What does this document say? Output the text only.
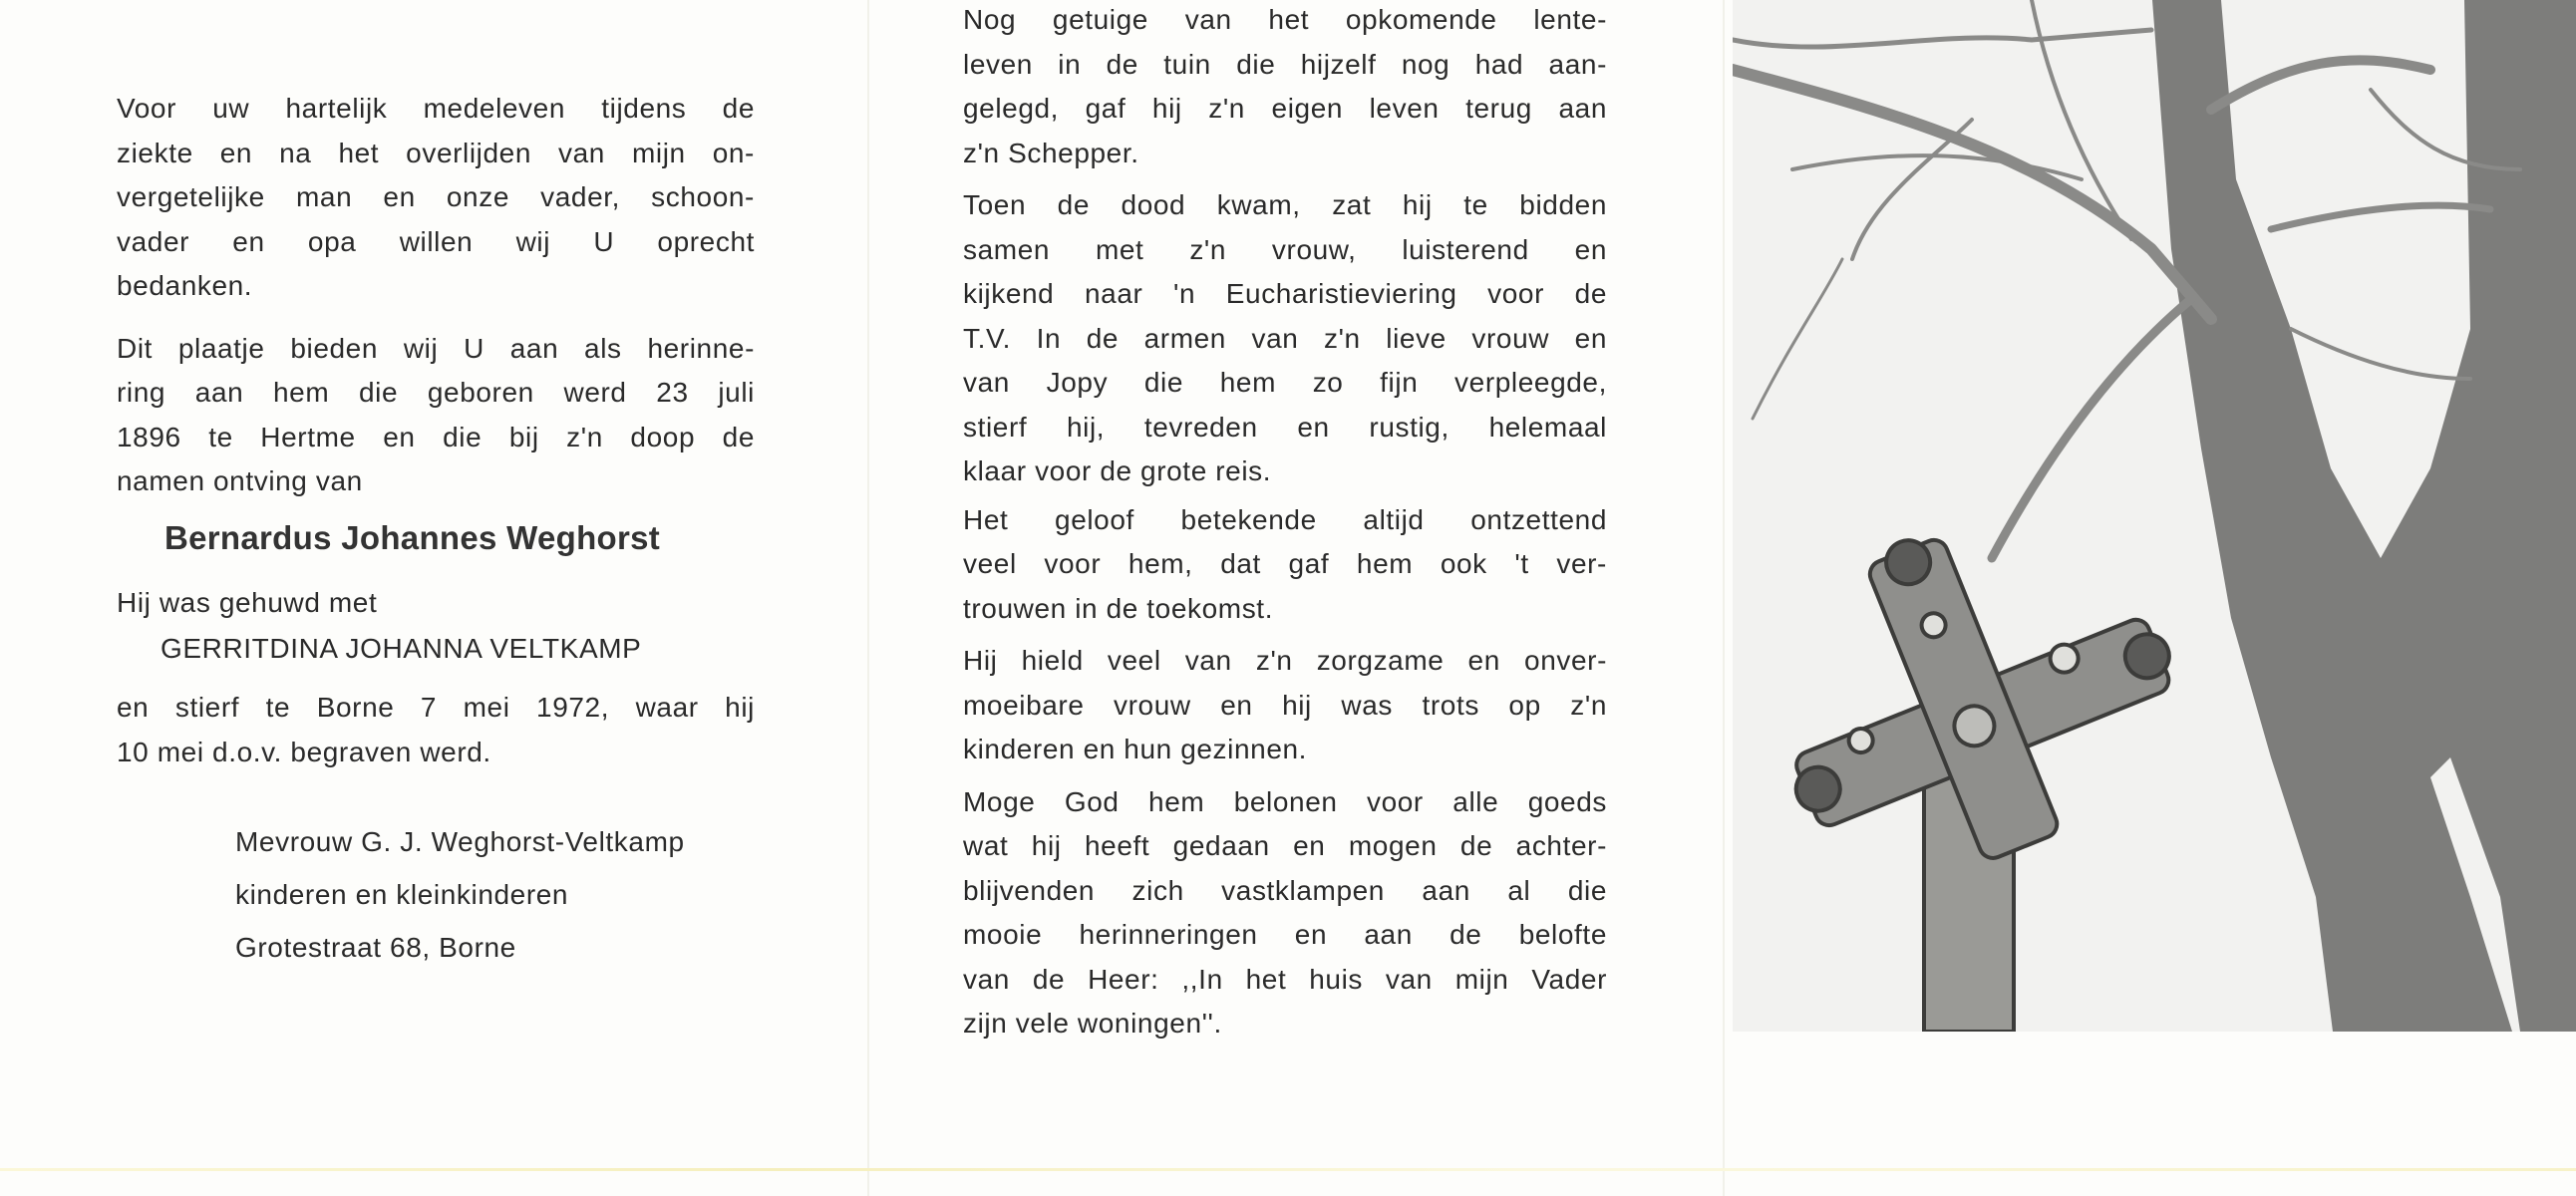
Voor uw hartelijk medeleven tijdens de
ziekte en na het overlijden van mijn on-
vergetelijke man en onze vader, schoon-
vader en opa willen wij U oprecht
bedanken.
Dit plaatje bieden wij U aan als herinne-
ring aan hem die geboren werd 23 juli
1896 te Hertme en die bij z'n doop de
namen ontving van
Bernardus Johannes Weghorst
Hij was gehuwd met
GERRITDINA JOHANNA VELTKAMP
en stierf te Borne 7 mei 1972, waar hij
10 mei d.o.v. begraven werd.
Mevrouw G. J. Weghorst-Veltkamp
kinderen en kleinkinderen
Grotestraat 68, Borne
Nog getuige van het opkomende lente-
leven in de tuin die hijzelf nog had aan-
gelegd, gaf hij z'n eigen leven terug aan
z'n Schepper.
Toen de dood kwam, zat hij te bidden
samen met z'n vrouw, luisterend en
kijkend naar 'n Eucharistieviering voor de
T.V. In de armen van z'n lieve vrouw en
van Jopy die hem zo fijn verpleegde,
stierf hij, tevreden en rustig, helemaal
klaar voor de grote reis.
Het geloof betekende altijd ontzettend
veel voor hem, dat gaf hem ook 't ver-
trouwen in de toekomst.
Hij hield veel van z'n zorgzame en onver-
moeibare vrouw en hij was trots op z'n
kinderen en hun gezinnen.
Moge God hem belonen voor alle goeds
wat hij heeft gedaan en mogen de achter-
blijvenden zich vastklampen aan al die
mooie herinneringen en aan de belofte
van de Heer: ,,In het huis van mijn Vader
zijn vele woningen''.
